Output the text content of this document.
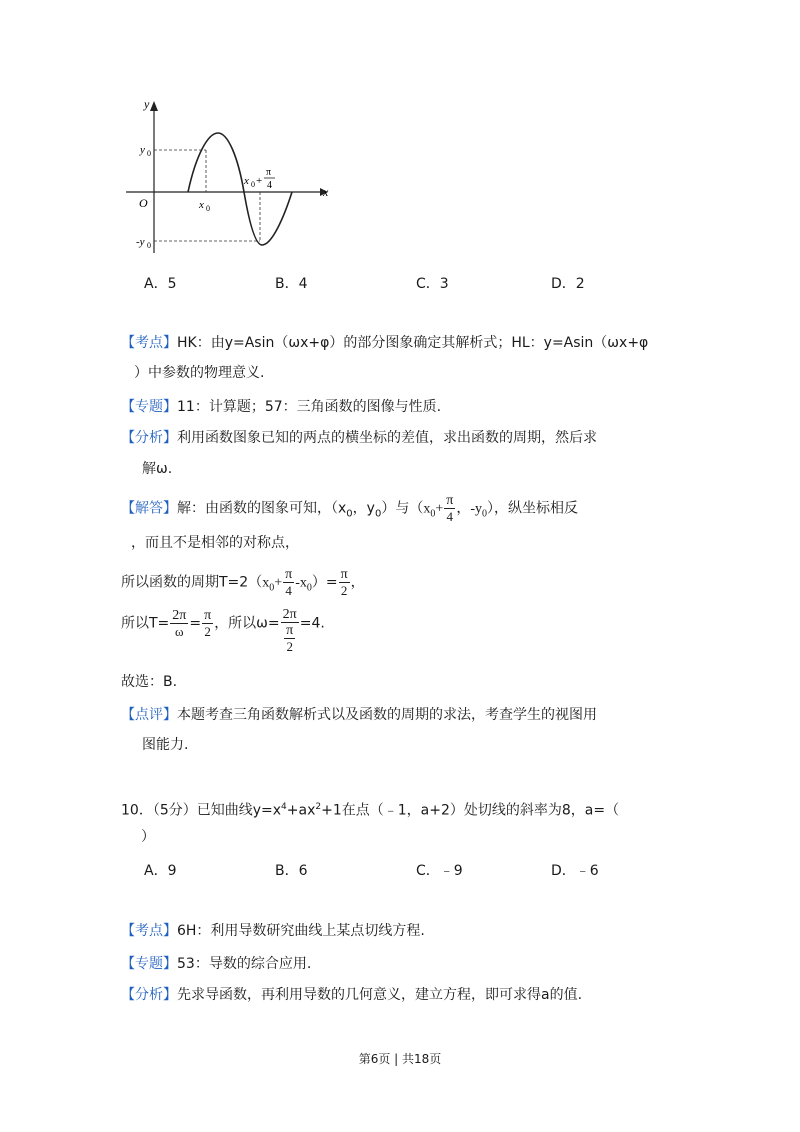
y
x
O
y 0
-y 0
x 0
x 0 +
π
4
A．5	B．4	C．3	D．2
【考点】HK：由y=Asin（ωx+φ）的部分图象确定其解析式；HL：y=Asin（ωx+φ
）中参数的物理意义.
【专题】11：计算题；57：三角函数的图像与性质.
【分析】利用函数图象已知的两点的横坐标的差值，求出函数的周期，然后求
解ω.
【解答】解：由函数的图象可知，（$x_0$，$y_0$）与（$x_0+ \frac{\pi}{4}$ ，$-y_0$），纵坐标相反
，而且不是相邻的对称点，
所以函数的周期$T=2(x_0+ \frac{\pi}{4} -x_0)= \frac{\pi}{2}$ ，
所以$T= \frac{2\pi}{\omega} = \frac{\pi}{2}$ ，所以$\omega= \frac{2\pi}{\frac{\pi}{2}} =4$.
故选：B.
【点评】本题考查三角函数解析式以及函数的周期的求法，考查学生的视图用
图能力.
10．（5分）已知曲线$y=x^4+ax^2+1$在点（﹣1，a+2）处切线的斜率为8，a=（
）
A．9	B．6	C．﹣9	D．﹣6
【考点】6H：利用导数研究曲线上某点切线方程.
【专题】53：导数的综合应用.
【分析】先求导函数，再利用导数的几何意义，建立方程，即可求得a的值.
第6页 | 共18页
